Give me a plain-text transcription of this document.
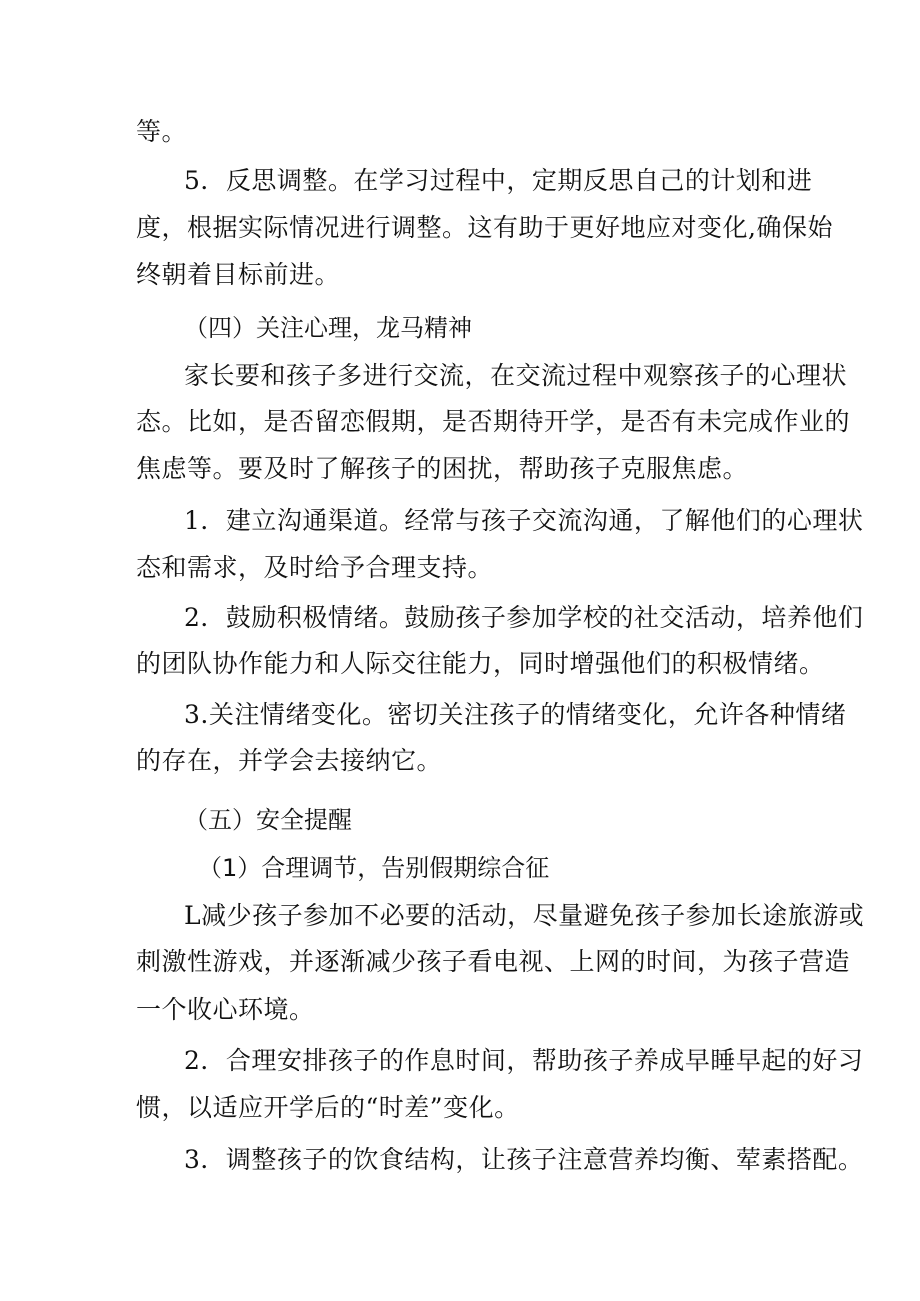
等。
5．反思调整。在学习过程中，定期反思自己的计划和进
度，根据实际情况进行调整。这有助于更好地应对变化,确保始
终朝着目标前进。
（四）关注心理，龙马精神
家长要和孩子多进行交流，在交流过程中观察孩子的心理状
态。比如，是否留恋假期，是否期待开学，是否有未完成作业的
焦虑等。要及时了解孩子的困扰，帮助孩子克服焦虑。
1．建立沟通渠道。经常与孩子交流沟通，了解他们的心理状
态和需求，及时给予合理支持。
2．鼓励积极情绪。鼓励孩子参加学校的社交活动，培养他们
的团队协作能力和人际交往能力，同时增强他们的积极情绪。
3.关注情绪变化。密切关注孩子的情绪变化，允许各种情绪
的存在，并学会去接纳它。
（五）安全提醒
（1）合理调节，告别假期综合征
L减少孩子参加不必要的活动，尽量避免孩子参加长途旅游或
刺激性游戏，并逐渐减少孩子看电视、上网的时间，为孩子营造
一个收心环境。
2．合理安排孩子的作息时间，帮助孩子养成早睡早起的好习
惯，以适应开学后的“时差”变化。
3．调整孩子的饮食结构，让孩子注意营养均衡、荤素搭配。
